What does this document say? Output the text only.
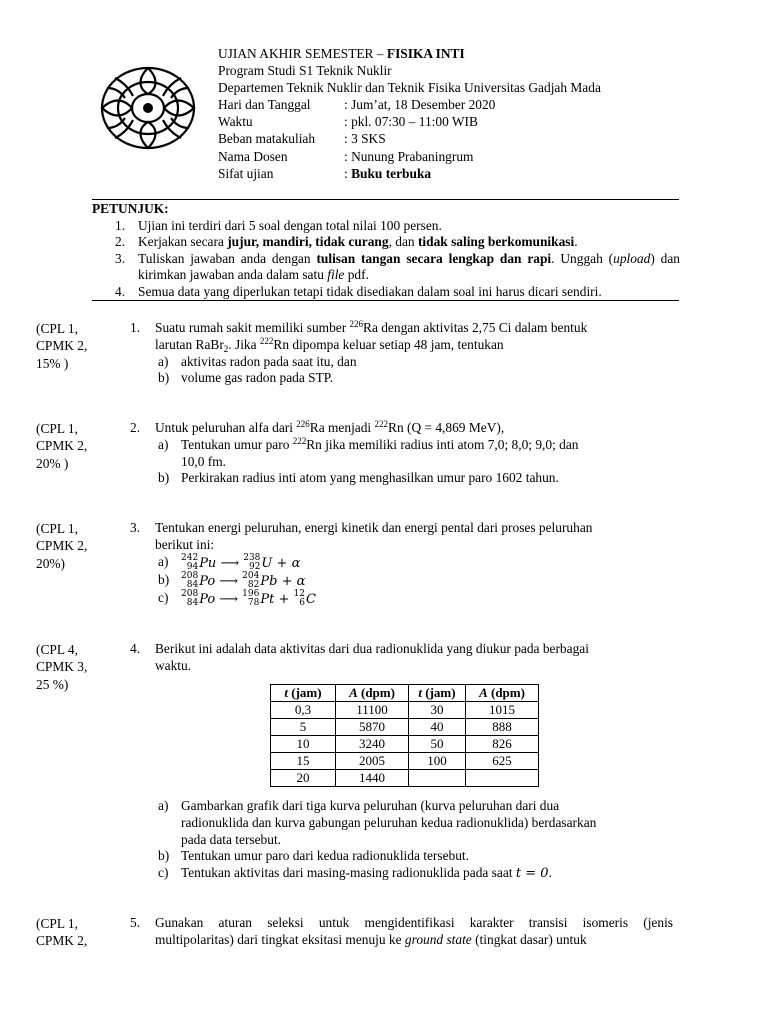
UJIAN AKHIR SEMESTER – FISIKA INTI
Program Studi S1 Teknik Nuklir
Departemen Teknik Nuklir dan Teknik Fisika Universitas Gadjah Mada
Hari dan Tanggal : Jum’at, 18 Desember 2020
Waktu	: pkl. 07:30 – 11:00 WIB
Beban matakuliah : 3 SKS
Nama Dosen	: Nunung Prabaningrum
Sifat ujian	: Buku terbuka
PETUNJUK:
1. Ujian ini terdiri dari 5 soal dengan total nilai 100 persen.
2. Kerjakan secara jujur, mandiri, tidak curang, dan tidak saling berkomunikasi.
3. Tuliskan jawaban anda dengan tulisan tangan secara lengkap dan rapi. Unggah (upload) dan kirimkan jawaban anda dalam satu file pdf.
4. Semua data yang diperlukan tetapi tidak disediakan dalam soal ini harus dicari sendiri.
(CPL 1,
CPMK 2,
15% )
1. Suatu rumah sakit memiliki sumber $^{226}$Ra dengan aktivitas 2,75 Ci dalam bentuk
larutan RaBr$_2$. Jika $^{222}$Rn dipompa keluar setiap 48 jam, tentukan
a) aktivitas radon pada saat itu, dan
b) volume gas radon pada STP.
(CPL 1,
CPMK 2,
20% )
2. Untuk peluruhan alfa dari $^{226}$Ra menjadi $^{222}$Rn (Q = 4,869 MeV),
a) Tentukan umur paro $^{222}$Rn jika memiliki radius inti atom 7,0; 8,0; 9,0; dan
10,0 fm.
b) Perkirakan radius inti atom yang menghasilkan umur paro 1602 tahun.
(CPL 1,
CPMK 2,
20%)
3. Tentukan energi peluruhan, energi kinetik dan energi pental dari proses peluruhan
berikut ini:
a) 242
94 Pu ⟶ 238
92 U + α
b) 208
84 Po ⟶ 204
82 Pb + α
c) 208
84 Po ⟶ 196
78 Pt + 12
6 C
(CPL 4,
CPMK 3,
25 %)
4. Berikut ini adalah data aktivitas dari dua radionuklida yang diukur pada berbagai
waktu.
t (jam)	A (dpm)	t (jam)	A (dpm)
0,3	11100	30	1015
5	5870	40	888
10	3240	50	826
15	2005	100	625
20	1440		
a) Gambarkan grafik dari tiga kurva peluruhan (kurva peluruhan dari dua
radionuklida dan kurva gabungan peluruhan kedua radionuklida) berdasarkan
pada data tersebut.
b) Tentukan umur paro dari kedua radionuklida tersebut.
c) Tentukan aktivitas dari masing-masing radionuklida pada saat t = 0.
(CPL 1,
CPMK 2,
5. Gunakan aturan seleksi untuk mengidentifikasi karakter transisi isomeris (jenis
multipolaritas) dari tingkat eksitasi menuju ke ground state (tingkat dasar) untuk
